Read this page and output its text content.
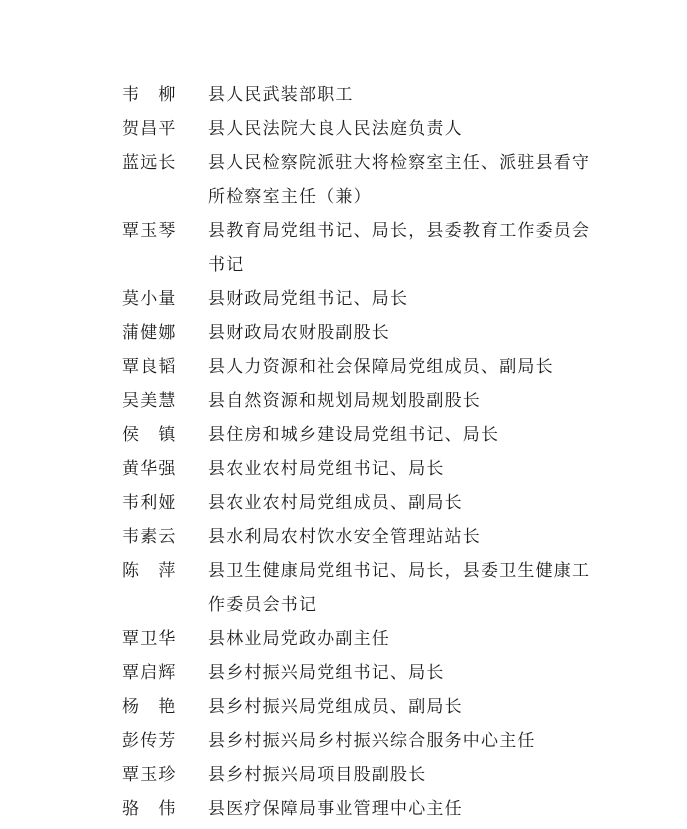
韦　柳	县人民武装部职工
贺昌平	县人民法院大良人民法庭负责人
蓝远长	县人民检察院派驻大将检察室主任、派驻县看守
所检察室主任（兼）
覃玉琴	县教育局党组书记、局长，县委教育工作委员会
书记
莫小量	县财政局党组书记、局长
蒲健娜	县财政局农财股副股长
覃良韬	县人力资源和社会保障局党组成员、副局长
吴美慧	县自然资源和规划局规划股副股长
侯　镇	县住房和城乡建设局党组书记、局长
黄华强	县农业农村局党组书记、局长
韦利娅	县农业农村局党组成员、副局长
韦素云	县水利局农村饮水安全管理站站长
陈　萍	县卫生健康局党组书记、局长，县委卫生健康工
作委员会书记
覃卫华	县林业局党政办副主任
覃启辉	县乡村振兴局党组书记、局长
杨　艳	县乡村振兴局党组成员、副局长
彭传芳	县乡村振兴局乡村振兴综合服务中心主任
覃玉珍	县乡村振兴局项目股副股长
骆　伟	县医疗保障局事业管理中心主任
